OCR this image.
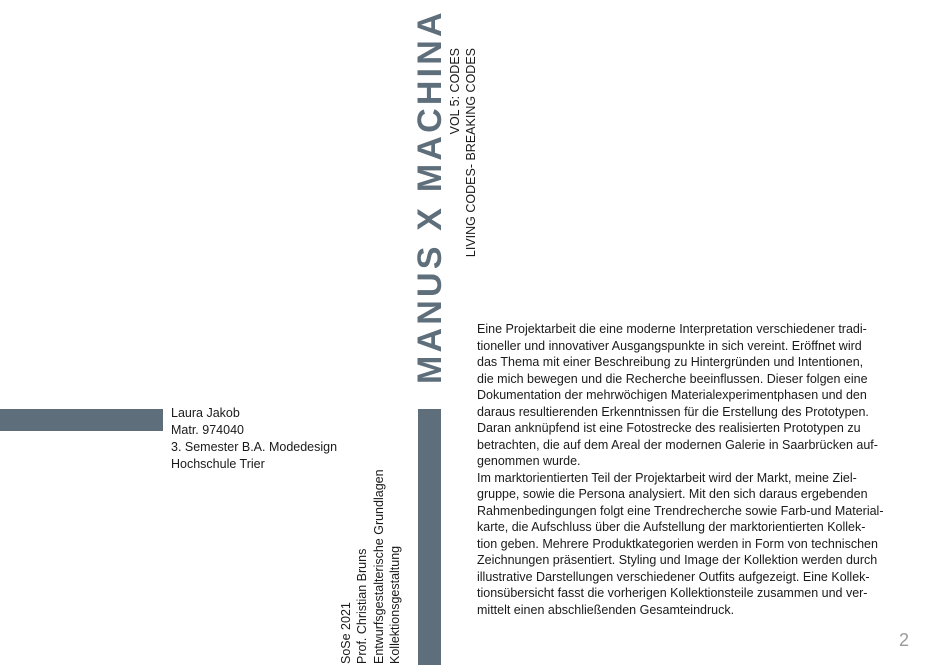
Laura Jakob
Matr. 974040
3. Semester B.A. Modedesign
Hochschule Trier
SoSe 2021 Prof. Christian Bruns Entwurfsgestalterische Grundlagen Kollektionsgestaltung
MANUS X MACHINA VOL 5: CODES LIVING CODES- BREAKING CODES

Eine Projektarbeit die eine moderne Interpretation verschiedener tradi-

tioneller und innovativer Ausgangspunkte in sich vereint. Eröffnet wird

das Thema mit einer Beschreibung zu Hintergründen und Intentionen,

die mich bewegen und die Recherche beeinflussen. Dieser folgen eine

Dokumentation der mehrwöchigen Materialexperimentphasen und den

daraus resultierenden Erkenntnissen für die Erstellung des Prototypen.

Daran anknüpfend ist eine Fotostrecke des realisierten Prototypen zu

betrachten, die auf dem Areal der modernen Galerie in Saarbrücken auf-

genommen wurde.

Im marktorientierten Teil der Projektarbeit wird der Markt, meine Ziel-

gruppe, sowie die Persona analysiert. Mit den sich daraus ergebenden

Rahmenbedingungen folgt eine Trendrecherche sowie Farb-und Material-

karte, die Aufschluss über die Aufstellung der marktorientierten Kollek-

tion geben. Mehrere Produktkategorien werden in Form von technischen

Zeichnungen präsentiert. Styling und Image der Kollektion werden durch

illustrative Darstellungen verschiedener Outfits aufgezeigt. Eine Kollek-

tionsübersicht fasst die vorherigen Kollektionsteile zusammen und ver-

mittelt einen abschließenden Gesamteindruck.

2
